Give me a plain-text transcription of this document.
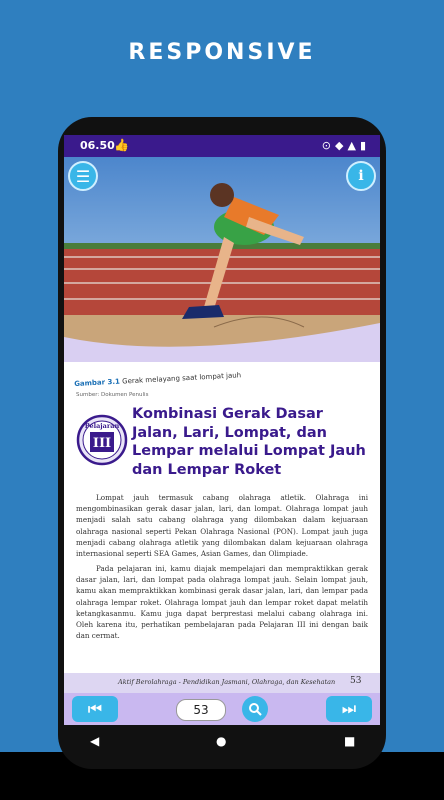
RESPONSIVE
06.50 👍	⊙◆▲▮
☰	i
Gambar 3.1 Gerak melayang saat lompat jauh
Sumber: Dokumen Penulis
Pelajaran
III
Kombinasi Gerak Dasar Jalan, Lari, Lompat, dan Lempar melalui Lompat Jauh dan Lempar Roket
Lompat jauh termasuk cabang olahraga atletik. Olahraga ini mengombinasikan gerak dasar jalan, lari, dan lompat. Olahraga lompat jauh menjadi salah satu cabang olahraga yang dilombakan dalam kejuaraan olahraga nasional seperti Pekan Olahraga Nasional (PON). Lompat jauh juga menjadi cabang olahraga atletik yang dilombakan dalam kejuaraan olahraga internasional seperti SEA Games, Asian Games, dan Olimpiade.
Pada pelajaran ini, kamu diajak mempelajari dan mempraktikkan gerak dasar jalan, lari, dan lompat pada olahraga lompat jauh. Selain lompat jauh, kamu akan mempraktikkan kombinasi gerak dasar jalan, lari, dan lempar pada olahraga lempar roket. Olahraga lompat jauh dan lempar roket dapat melatih ketangkasanmu. Kamu juga dapat berprestasi melalui cabang olahraga ini. Oleh karena itu, perhatikan pembelajaran pada Pelajaran III ini dengan baik dan cermat.
Aktif Berolahraga - Pendidikan Jasmani, Olahraga, dan Kesehatan 53
⏮	53	⏭
◀	●	■
